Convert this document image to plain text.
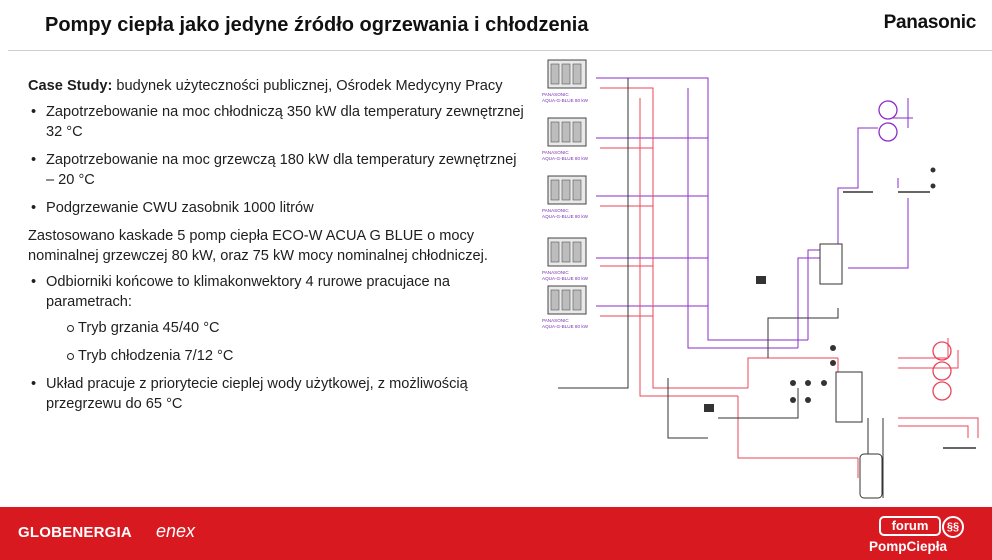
Pompy ciepła jako jedyne źródło ogrzewania i chłodzenia	Panasonic

Case Study: budynek użyteczności publicznej, Ośrodek Medycyny Pracy

• Zapotrzebowanie na moc chłodniczą 350 kW dla temperatury zewnętrznej 32 °C
• Zapotrzebowanie na moc grzewczą 180 kW dla temperatury zewnętrznej – 20 °C
• Podgrzewanie CWU zasobnik 1000 litrów

Zastosowano kaskade 5 pomp ciepła ECO-W ACUA G BLUE o mocy nominalnej grzewczej 80 kW, oraz 75 kW mocy nominalnej chłodniczej.

• Odbiorniki końcowe to klimakonwektory 4 rurowe pracujace na parametrach:
Tryb grzania 45/40 °C
Tryb chłodzenia 7/12 °C
• Układ pracuje z priorytecie cieplej wody użytkowej, z możliwością przegrzewu do 65 °C
PANASONIC
AQUA-G-BLUE 80 kW
PANASONIC
AQUA-G-BLUE 80 kW
PANASONIC
AQUA-G-BLUE 80 kW
PANASONIC
AQUA-G-BLUE 80 kW
PANASONIC
AQUA-G-BLUE 80 kW
GLOBENERGIA enex	forum	§§
PompCiepła
